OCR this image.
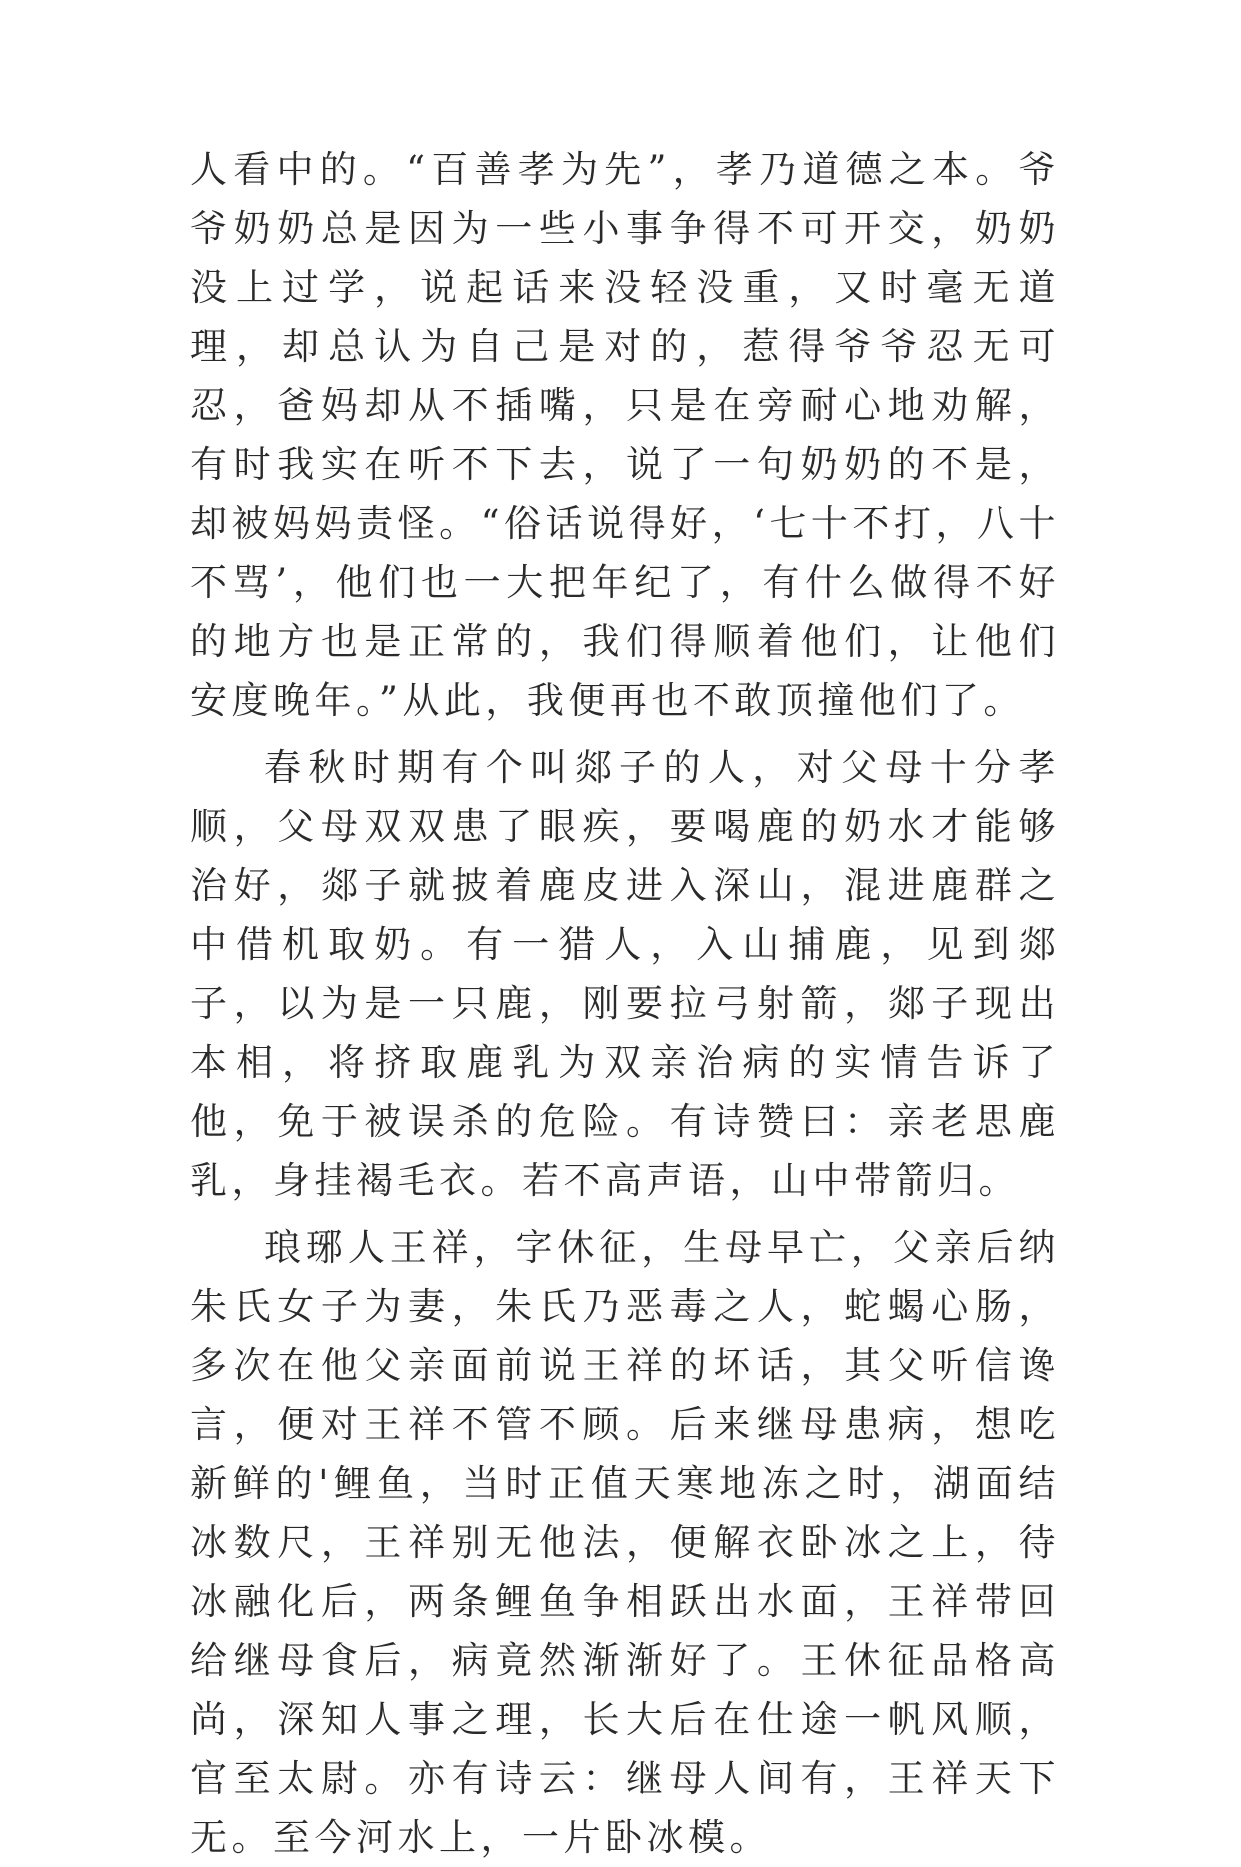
人看中的。“百善孝为先”，孝乃道德之本。爷爷奶奶总是因为一些小事争得不可开交，奶奶没上过学，说起话来没轻没重，又时毫无道理，却总认为自己是对的，惹得爷爷忍无可忍，爸妈却从不插嘴，只是在旁耐心地劝解，有时我实在听不下去，说了一句奶奶的不是，却被妈妈责怪。“俗话说得好，‘七十不打，八十不骂’，他们也一大把年纪了，有什么做得不好的地方也是正常的，我们得顺着他们，让他们安度晚年。”从此，我便再也不敢顶撞他们了。

春秋时期有个叫郯子的人，对父母十分孝顺，父母双双患了眼疾，要喝鹿的奶水才能够治好，郯子就披着鹿皮进入深山，混进鹿群之中借机取奶。有一猎人，入山捕鹿，见到郯子，以为是一只鹿，刚要拉弓射箭，郯子现出本相，将挤取鹿乳为双亲治病的实情告诉了他，免于被误杀的危险。有诗赞曰：亲老思鹿乳，身挂褐毛衣。若不高声语，山中带箭归。

琅琊人王祥，字休征，生母早亡，父亲后纳朱氏女子为妻，朱氏乃恶毒之人，蛇蝎心肠，多次在他父亲面前说王祥的坏话，其父听信谗言，便对王祥不管不顾。后来继母患病，想吃新鲜的'鲤鱼，当时正值天寒地冻之时，湖面结冰数尺，王祥别无他法，便解衣卧冰之上，待冰融化后，两条鲤鱼争相跃出水面，王祥带回给继母食后，病竟然渐渐好了。王休征品格高尚，深知人事之理，长大后在仕途一帆风顺，官至太尉。亦有诗云：继母人间有，王祥天下无。至今河水上，一片卧冰模。
